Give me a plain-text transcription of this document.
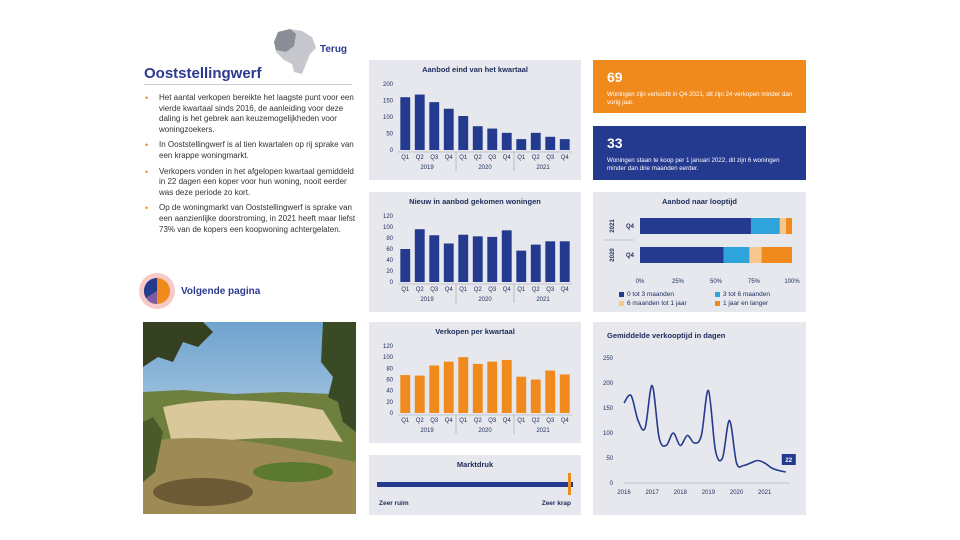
Ooststellingwerf
• Het aantal verkopen bereikte het laagste punt voor een vierde kwartaal sinds 2016, de aanleiding voor deze daling is het gebrek aan keuzemogelijkheden voor woningzoekers.
• In Ooststellingwerf is al tien kwartalen op rij sprake van een krappe woningmarkt.
• Verkopers vonden in het afgelopen kwartaal gemiddeld in 22 dagen een koper voor hun woning, nooit eerder was deze periode zo kort.
• Op de woningmarkt van Ooststellingwerf is sprake van een aanzienlijke doorstroming, in 2021 heeft maar liefst 73% van de kopers een koopwoning achtergelaten.
Terug
Volgende pagina
Aanbod eind van het kwartaal
0
50
100
150
200
Q1 Q2 Q3 Q4 Q1 Q2 Q3 Q4 Q1 Q2 Q3 Q4
2019	2020	2021
Nieuw in aanbod gekomen woningen
0
20
40
60
80
100
120
Q1 Q2 Q3 Q4 Q1 Q2 Q3 Q4 Q1 Q2 Q3 Q4
2019	2020	2021
Verkopen per kwartaal
0
20
40
60
80
100
120
Q1 Q2 Q3 Q4 Q1 Q2 Q3 Q4 Q1 Q2 Q3 Q4
2019	2020	2021
Marktdruk
Zeer ruim	Zeer krap
69
Woningen zijn verkocht in Q4 2021, dit zijn 24 verkopen minder dan vorig jaar.
33
Woningen staan te koop per 1 januari 2022, dit zijn 6 woningen minder dan drie maanden eerder.
Aanbod naar looptijd
Q4
2021
Q4
2020
0%	25%	50%	75%	100%
0 tot 3 maanden	3 tot 6 maanden
6 maanden tot 1 jaar	1 jaar en langer
Gemiddelde verkooptijd in dagen
0
50
100
150
200
250
2016 2017 2018 2019 2020 2021
22
